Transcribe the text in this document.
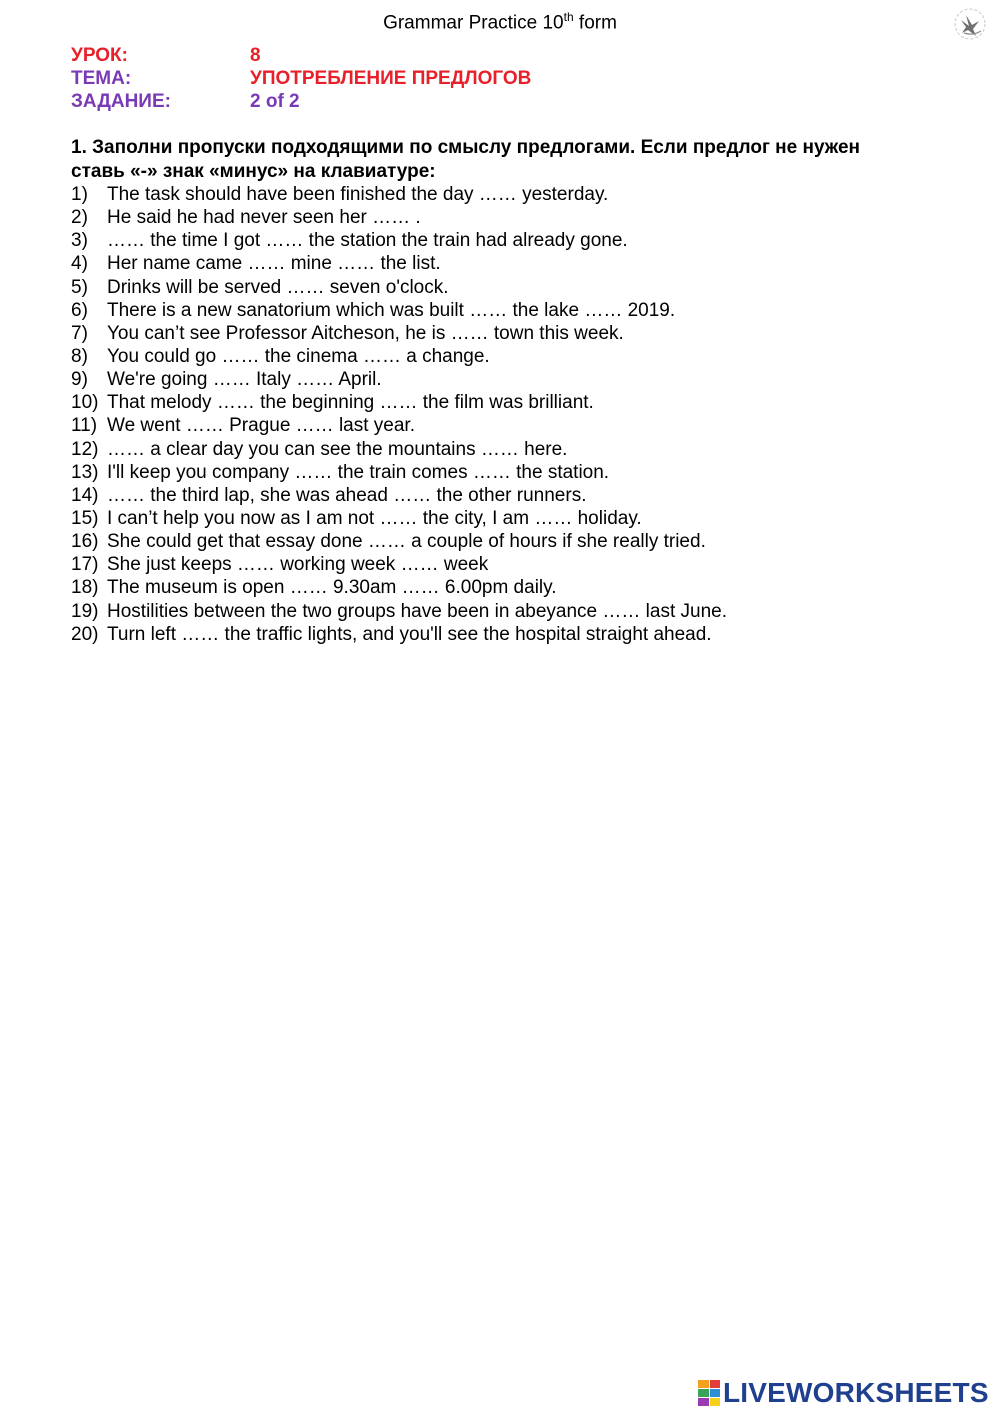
Grammar Practice 10th form
УРОК:	8
ТЕМА:	УПОТРЕБЛЕНИЕ ПРЕДЛОГОВ
ЗАДАНИЕ:	2 of 2
1. Заполни пропуски подходящими по смыслу предлогами. Если предлог не нужен
ставь «-» знак «минус» на клавиатуре:
1)	The task should have been finished the day …… yesterday.
2)	He said he had never seen her …… .
3)	…… the time I got …… the station the train had already gone.
4)	Her name came …… mine …… the list.
5)	Drinks will be served …… seven o'clock.
6)	There is a new sanatorium which was built …… the lake …… 2019.
7)	You can’t see Professor Aitcheson, he is …… town this week.
8)	You could go …… the cinema …… a change.
9)	We're going …… Italy …… April.
10) That melody …… the beginning …… the film was brilliant.
11) We went …… Prague …… last year.
12) …… a clear day you can see the mountains …… here.
13) I'll keep you company …… the train comes …… the station.
14) …… the third lap, she was ahead …… the other runners.
15) I can’t help you now as I am not …… the city, I am …… holiday.
16) She could get that essay done …… a couple of hours if she really tried.
17) She just keeps …… working week …… week
18) The museum is open …… 9.30am …… 6.00pm daily.
19) Hostilities between the two groups have been in abeyance …… last June.
20) Turn left …… the traffic lights, and you'll see the hospital straight ahead.
LIVEWORKSHEETS
